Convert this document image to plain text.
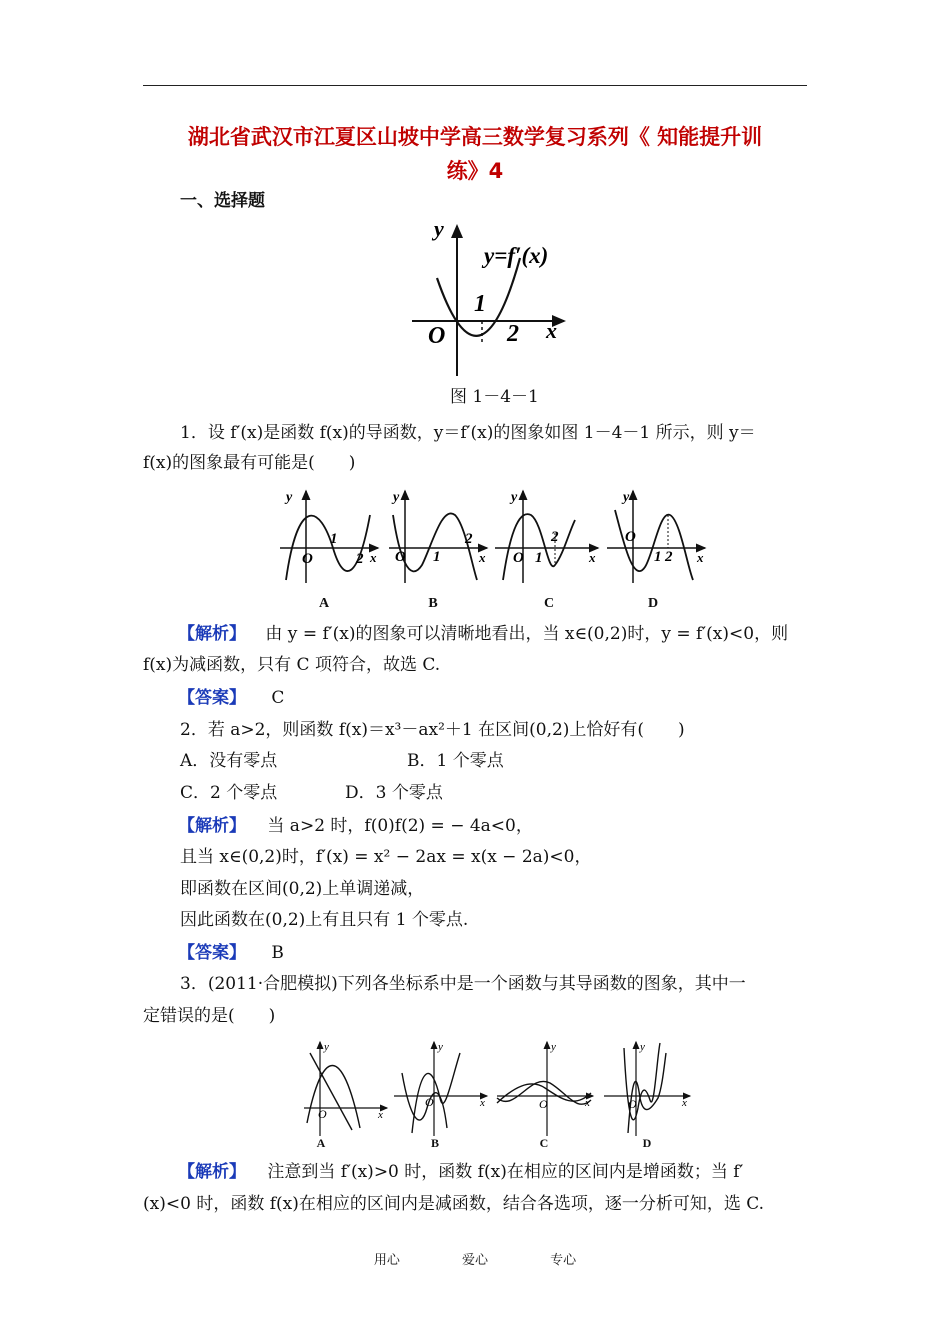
湖北省武汉市江夏区山坡中学高三数学复习系列《 知能提升训
练》4
一、选择题
y
x
O
y=f′(x)
1
2
图 1－4－1
1．设 f′(x)是函数 f(x)的导函数，y＝f′(x)的图象如图 1－4－1 所示，则 y＝
f(x)的图象最有可能是(　　)
y
O
1
2 x
y
O 1
2
x
y
O 1
2
x
y
O
1 2 x
A	B	C	D
【解析】 由 y = f′(x)的图象可以清晰地看出，当 x∈(0,2)时，y = f′(x)<0，则
f(x)为减函数，只有 C 项符合，故选 C.
【答案】 C
2．若 a>2，则函数 f(x)＝x³－ax²＋1 在区间(0,2)上恰好有(　　)
A．没有零点	B．1 个零点
C．2 个零点	D．3 个零点
【解析】 当 a>2 时，f(0)f(2) = − 4a<0，
且当 x∈(0,2)时，f′(x) = x² − 2ax = x(x − 2a)<0，
即函数在区间(0,2)上单调递减，
因此函数在(0,2)上有且只有 1 个零点.
【答案】 B
3．(2011·合肥模拟)下列各坐标系中是一个函数与其导函数的图象，其中一
定错误的是(　　)
y
O	x
y
O	x
y
O	x
y
O	x
A	B	C	D
【解析】 注意到当 f′(x)>0 时，函数 f(x)在相应的区间内是增函数；当 f′
(x)<0 时，函数 f(x)在相应的区间内是减函数，结合各选项，逐一分析可知，选 C.
用心	爱心	专心
